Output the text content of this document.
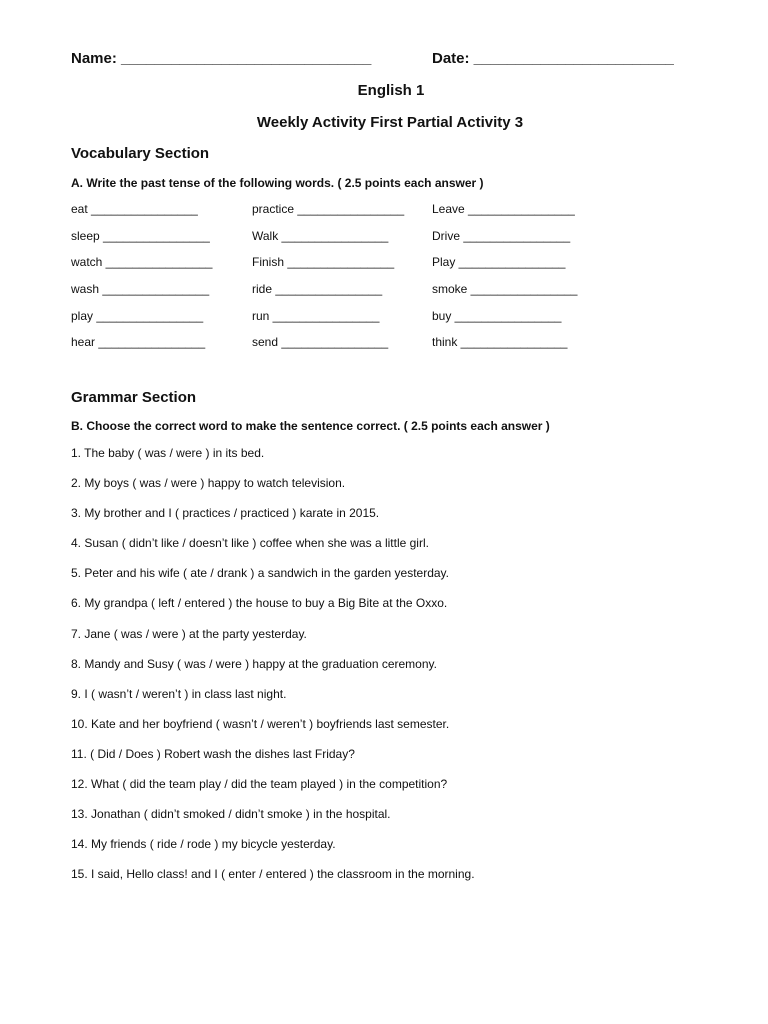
Name: ______________________________	Date: ________________________
English 1
Weekly Activity First Partial Activity 3
Vocabulary Section
A. Write the past tense of the following words. ( 2.5 points each answer )
eat ________________	practice ________________ Leave ________________
sleep ________________	Walk ________________	Drive ________________
watch ________________	Finish ________________	Play ________________
wash ________________	ride ________________	smoke ________________
play ________________	run ________________	buy ________________
hear ________________	send ________________	think ________________
Grammar Section
B. Choose the correct word to make the sentence correct. ( 2.5 points each answer )
1. The baby ( was / were ) in its bed.
2. My boys ( was / were ) happy to watch television.
3. My brother and I ( practices / practiced ) karate in 2015.
4. Susan ( didn’t like / doesn’t like ) coffee when she was a little girl.
5. Peter and his wife ( ate / drank ) a sandwich in the garden yesterday.
6. My grandpa ( left / entered ) the house to buy a Big Bite at the Oxxo.
7. Jane ( was / were ) at the party yesterday.
8. Mandy and Susy ( was / were ) happy at the graduation ceremony.
9. I ( wasn’t / weren’t ) in class last night.
10. Kate and her boyfriend ( wasn’t / weren’t ) boyfriends last semester.
11. ( Did / Does ) Robert wash the dishes last Friday?
12. What ( did the team play / did the team played ) in the competition?
13. Jonathan ( didn’t smoked / didn’t smoke ) in the hospital.
14. My friends ( ride / rode ) my bicycle yesterday.
15. I said, Hello class! and I ( enter / entered ) the classroom in the morning.
